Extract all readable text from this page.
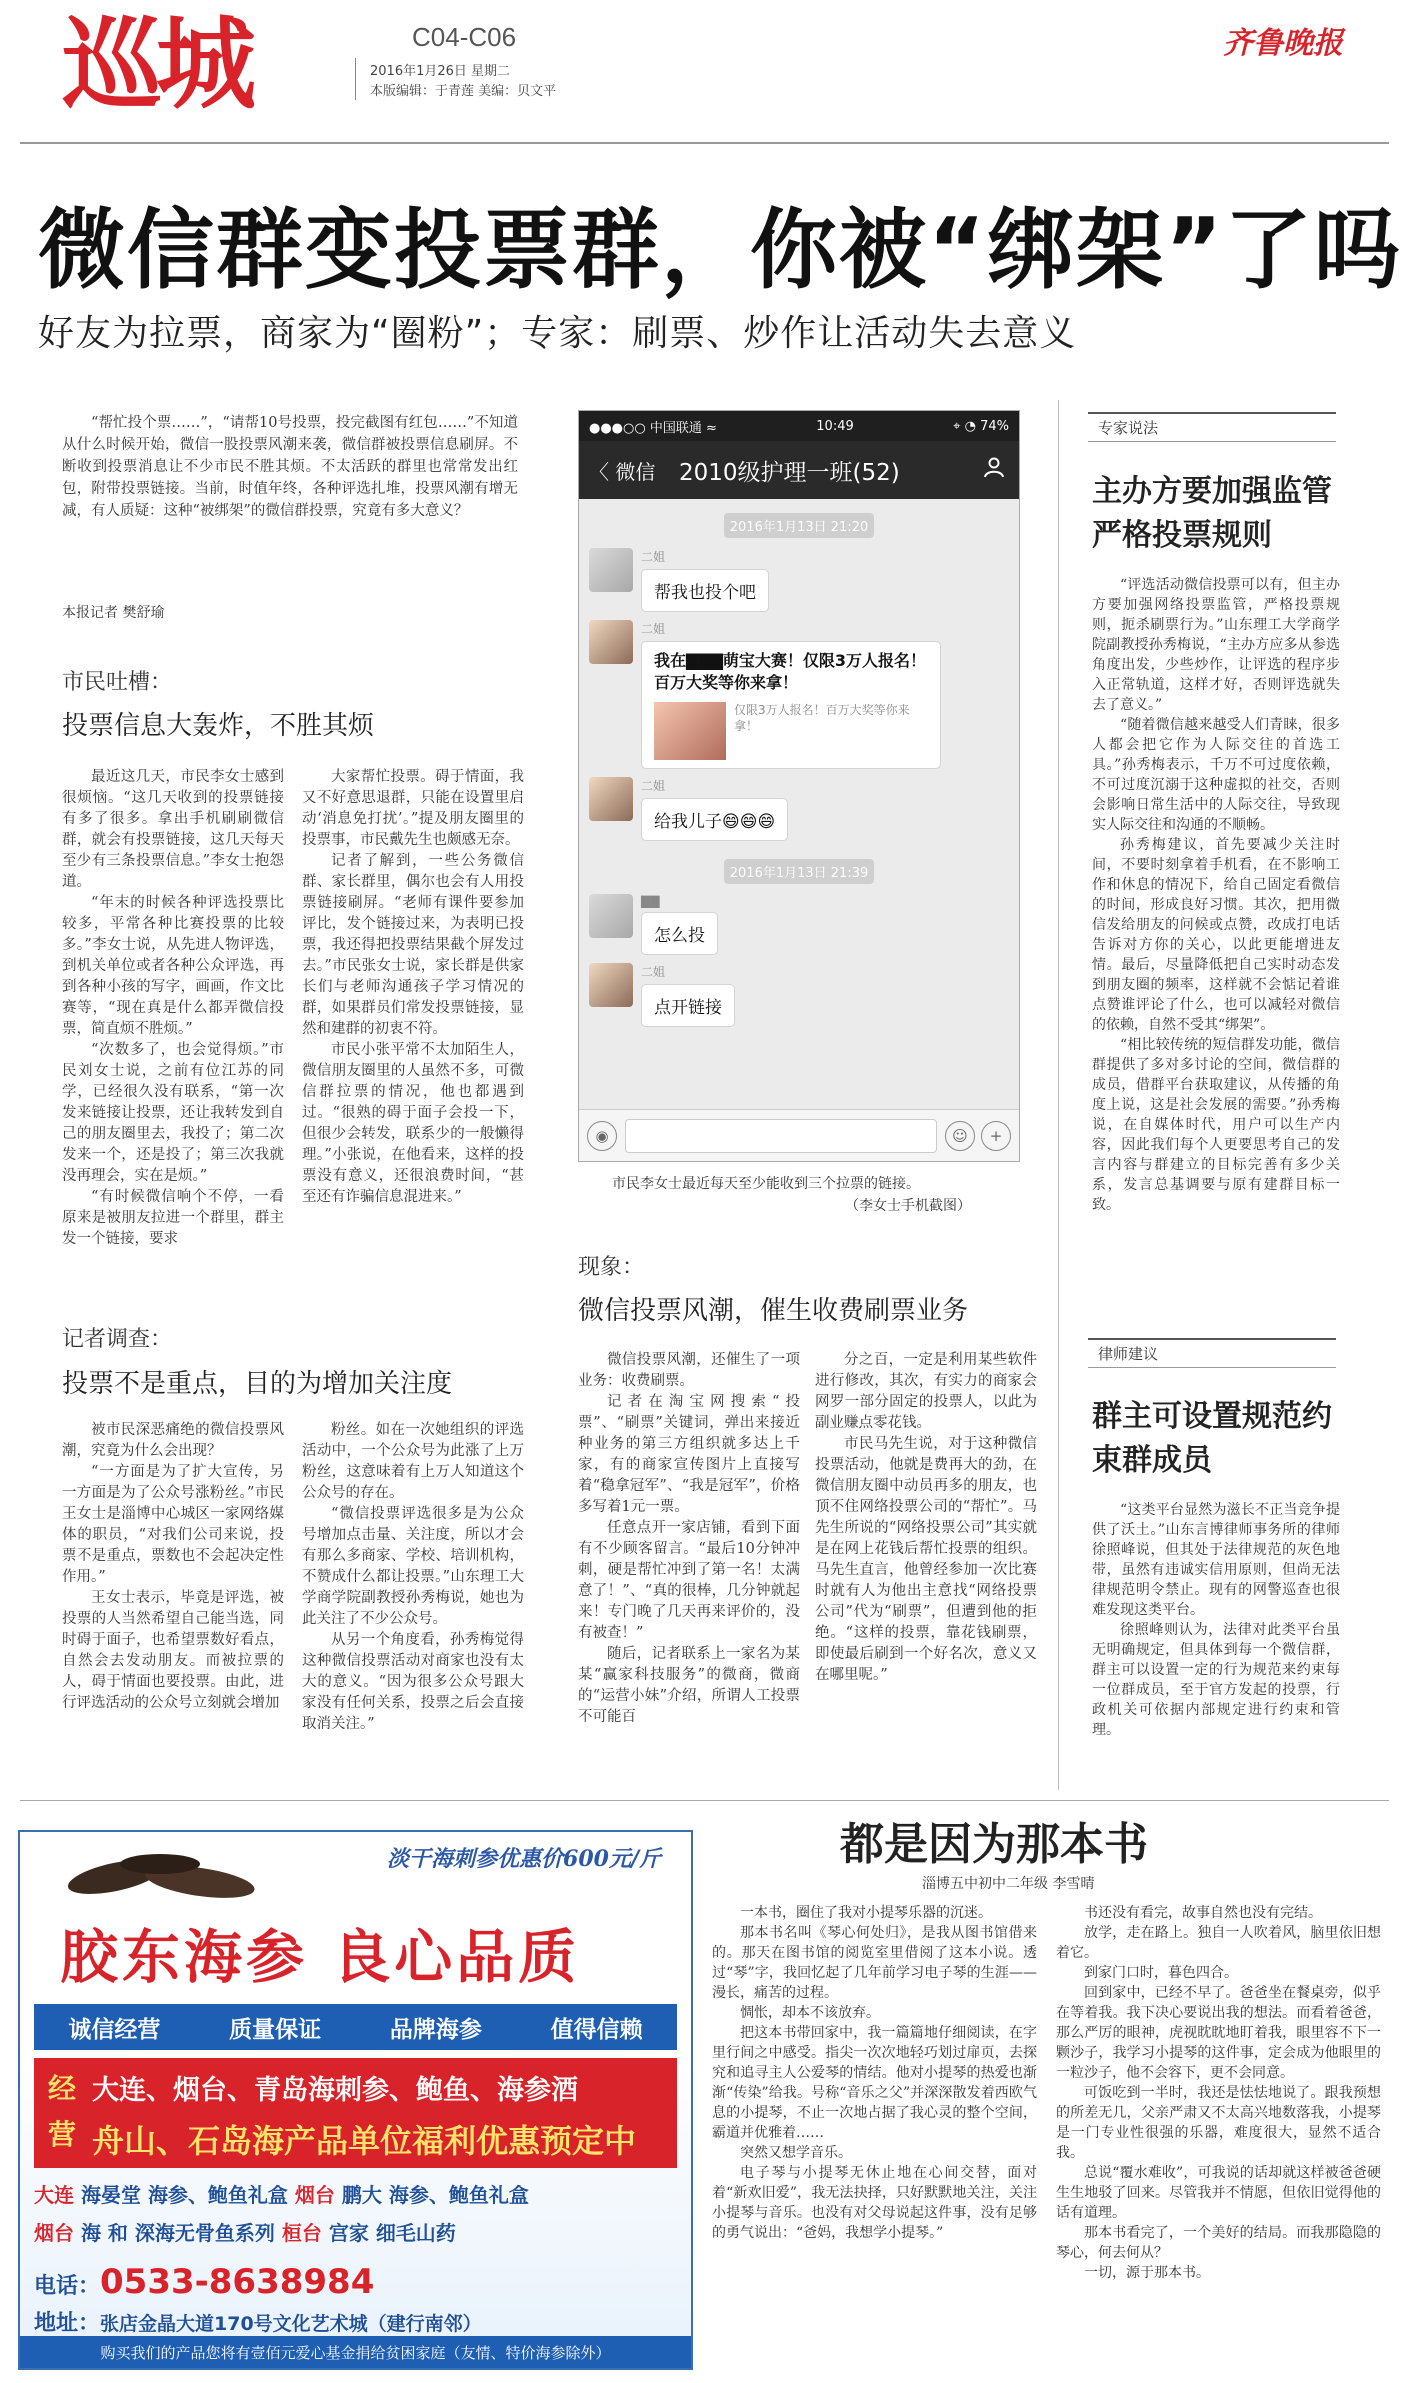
巡城	C04-C06
2016年1月26日 星期二
本版编辑：于青莲 美编：贝文平
齐鲁晚报
微信群变投票群，你被“绑架”了吗
好友为拉票，商家为“圈粉”；专家：刷票、炒作让活动失去意义

“帮忙投个票……”，“请帮10号投票，投完截图有红包……”不知道从什么时候开始，微信一股投票风潮来袭，微信群被投票信息刷屏。不断收到投票消息让不少市民不胜其烦。不太活跃的群里也常常发出红包，附带投票链接。当前，时值年终，各种评选扎堆，投票风潮有增无减，有人质疑：这种“被绑架”的微信群投票，究竟有多大意义？

本报记者 樊舒瑜
市民吐槽：
投票信息大轰炸，不胜其烦

最近这几天，市民李女士感到很烦恼。“这几天收到的投票链接有多了很多。拿出手机刷刷微信群，就会有投票链接，这几天每天至少有三条投票信息。”李女士抱怨道。

“年末的时候各种评选投票比较多，平常各种比赛投票的比较多。”李女士说，从先进人物评选，到机关单位或者各种公众评选，再到各种小孩的写字，画画，作文比赛等，“现在真是什么都弄微信投票，简直烦不胜烦。”

“次数多了，也会觉得烦。”市民刘女士说，之前有位江苏的同学，已经很久没有联系，“第一次发来链接让投票，还让我转发到自己的朋友圈里去，我投了；第二次发来一个，还是投了；第三次我就没再理会，实在是烦。”

“有时候微信响个不停，一看原来是被朋友拉进一个群里，群主发一个链接，要求

大家帮忙投票。碍于情面，我又不好意思退群，只能在设置里启动‘消息免打扰’。”提及朋友圈里的投票事，市民戴先生也颇感无奈。

记者了解到，一些公务微信群、家长群里，偶尔也会有人用投票链接刷屏。“老师有课件要参加评比，发个链接过来，为表明已投票，我还得把投票结果截个屏发过去。”市民张女士说，家长群是供家长们与老师沟通孩子学习情况的群，如果群员们常发投票链接，显然和建群的初衷不符。

市民小张平常不太加陌生人，微信朋友圈里的人虽然不多，可微信群拉票的情况，他也都遇到过。“很熟的碍于面子会投一下，但很少会转发，联系少的一般懒得理。”小张说，在他看来，这样的投票没有意义，还很浪费时间，“甚至还有诈骗信息混进来。”

记者调查：
投票不是重点，目的为增加关注度

被市民深恶痛绝的微信投票风潮，究竟为什么会出现？

“一方面是为了扩大宣传，另一方面是为了公众号涨粉丝。”市民王女士是淄博中心城区一家网络媒体的职员，“对我们公司来说，投票不是重点，票数也不会起决定性作用。”

王女士表示，毕竟是评选，被投票的人当然希望自己能当选，同时碍于面子，也希望票数好看点，自然会去发动朋友。而被拉票的人，碍于情面也要投票。由此，进行评选活动的公众号立刻就会增加

粉丝。如在一次她组织的评选活动中，一个公众号为此涨了上万粉丝，这意味着有上万人知道这个公众号的存在。

“微信投票评选很多是为公众号增加点击量、关注度，所以才会有那么多商家、学校、培训机构，不赞成什么都让投票。”山东理工大学商学院副教授孙秀梅说，她也为此关注了不少公众号。

从另一个角度看，孙秀梅觉得这种微信投票活动对商家也没有太大的意义。“因为很多公众号跟大家没有任何关系，投票之后会直接取消关注。”

●●●○○ 中国联通 ≈	10:49	⌖ ◔ 74%
〈 微信	2010级护理一班(52)
2016年1月13日 21:20
二姐
帮我也投个吧
二姐
我在▇▇▇萌宝大赛！仅限3万人报名！百万大奖等你来拿！
仅限3万人报名！百万大奖等你来拿！
二姐
给我儿子😄😄😄
2016年1月13日 21:39
▇▇
怎么投
二姐
点开链接
◉	☺	+
市民李女士最近每天至少能收到三个拉票的链接。
（李女士手机截图）
现象：
微信投票风潮，催生收费刷票业务

微信投票风潮，还催生了一项业务：收费刷票。

记者在淘宝网搜索“投票”、“刷票”关键词，弹出来接近种业务的第三方组织就多达上千家，有的商家宣传图片上直接写着“稳拿冠军”、“我是冠军”，价格多写着1元一票。

任意点开一家店铺，看到下面有不少顾客留言。“最后10分钟冲刺，硬是帮忙冲到了第一名！太满意了！”、“真的很棒，几分钟就起来！专门晚了几天再来评价的，没有被查！”

随后，记者联系上一家名为某某“赢家科技服务”的微商，微商的“运营小妹”介绍，所谓人工投票不可能百

分之百，一定是利用某些软件进行修改，其次，有实力的商家会网罗一部分固定的投票人，以此为副业赚点零花钱。

市民马先生说，对于这种微信投票活动，他就是费再大的劲，在微信朋友圈中动员再多的朋友，也顶不住网络投票公司的“帮忙”。马先生所说的“网络投票公司”其实就是在网上花钱后帮忙投票的组织。马先生直言，他曾经参加一次比赛时就有人为他出主意找“网络投票公司”代为“刷票”，但遭到他的拒绝。“这样的投票，靠花钱刷票，即使最后刷到一个好名次，意义又在哪里呢。”

专家说法
主办方要加强监管严格投票规则

“评选活动微信投票可以有，但主办方要加强网络投票监管，严格投票规则，扼杀刷票行为。”山东理工大学商学院副教授孙秀梅说，“主办方应多从参选角度出发，少些炒作，让评选的程序步入正常轨道，这样才好，否则评选就失去了意义。”

“随着微信越来越受人们青睐，很多人都会把它作为人际交往的首选工具。”孙秀梅表示，千万不可过度依赖，不可过度沉溺于这种虚拟的社交，否则会影响日常生活中的人际交往，导致现实人际交往和沟通的不顺畅。

孙秀梅建议，首先要减少关注时间，不要时刻拿着手机看，在不影响工作和休息的情况下，给自己固定看微信的时间，形成良好习惯。其次，把用微信发给朋友的问候或点赞，改成打电话告诉对方你的关心，以此更能增进友情。最后，尽量降低把自己实时动态发到朋友圈的频率，这样就不会惦记着谁点赞谁评论了什么，也可以减轻对微信的依赖，自然不受其“绑架”。

“相比较传统的短信群发功能，微信群提供了多对多讨论的空间，微信群的成员，借群平台获取建议，从传播的角度上说，这是社会发展的需要。”孙秀梅说，在自媒体时代，用户可以生产内容，因此我们每个人更要思考自己的发言内容与群建立的目标完善有多少关系，发言总基调要与原有建群目标一致。

律师建议
群主可设置规范约束群成员

“这类平台显然为滋长不正当竞争提供了沃土。”山东言博律师事务所的律师徐照峰说，但其处于法律规范的灰色地带，虽然有违诚实信用原则，但尚无法律规范明令禁止。现有的网警巡查也很难发现这类平台。

徐照峰则认为，法律对此类平台虽无明确规定，但具体到每一个微信群，群主可以设置一定的行为规范来约束每一位群成员，至于官方发起的投票，行政机关可依据内部规定进行约束和管理。

淡干海刺参优惠价600元/斤
胶东海参 良心品质
诚信经营	质量保证	品牌海参	值得信赖
经营
大连、烟台、青岛海刺参、鲍鱼、海参酒
舟山、石岛海产品单位福利优惠预定中
大连 海晏堂 海参、鲍鱼礼盒 烟台 鹏大 海参、鲍鱼礼盒
烟台 海 和 深海无骨鱼系列 桓台 宫家 细毛山药
电话：0533-8638984
地址：张店金晶大道170号文化艺术城（建行南邻）
购买我们的产品您将有壹佰元爱心基金捐给贫困家庭（友情、特价海参除外）
都是因为那本书
淄博五中初中二年级 李雪晴

一本书，圈住了我对小提琴乐器的沉迷。

那本书名叫《琴心何处归》，是我从图书馆借来的。那天在图书馆的阅览室里借阅了这本小说。透过“琴”字，我回忆起了几年前学习电子琴的生涯——漫长，痛苦的过程。

惆怅，却本不该放弃。

把这本书带回家中，我一篇篇地仔细阅读，在字里行间之中感受。指尖一次次地轻巧划过扉页，去探究和追寻主人公爱琴的情结。他对小提琴的热爱也渐渐“传染”给我。号称“音乐之父”并深深散发着西欧气息的小提琴，不止一次地占据了我心灵的整个空间，霸道并优雅着……

突然又想学音乐。

电子琴与小提琴无休止地在心间交替，面对着“新欢旧爱”，我无法抉择，只好默默地关注，关注小提琴与音乐。也没有对父母说起这件事，没有足够的勇气说出：“爸妈，我想学小提琴。”

书还没有看完，故事自然也没有完结。

放学，走在路上。独自一人吹着风，脑里依旧想着它。

到家门口时，暮色四合。

回到家中，已经不早了。爸爸坐在餐桌旁，似乎在等着我。我下决心要说出我的想法。而看着爸爸，那么严厉的眼神，虎视眈眈地盯着我，眼里容不下一颗沙子，我学习小提琴的这件事，定会成为他眼里的一粒沙子，他不会容下，更不会同意。

可饭吃到一半时，我还是怯怯地说了。跟我预想的所差无几，父亲严肃又不太高兴地数落我，小提琴是一门专业性很强的乐器，难度很大，显然不适合我。

总说“覆水难收”，可我说的话却就这样被爸爸硬生生地驳了回来。尽管我并不情愿，但依旧觉得他的话有道理。

那本书看完了，一个美好的结局。而我那隐隐的琴心，何去何从？

一切，源于那本书。
